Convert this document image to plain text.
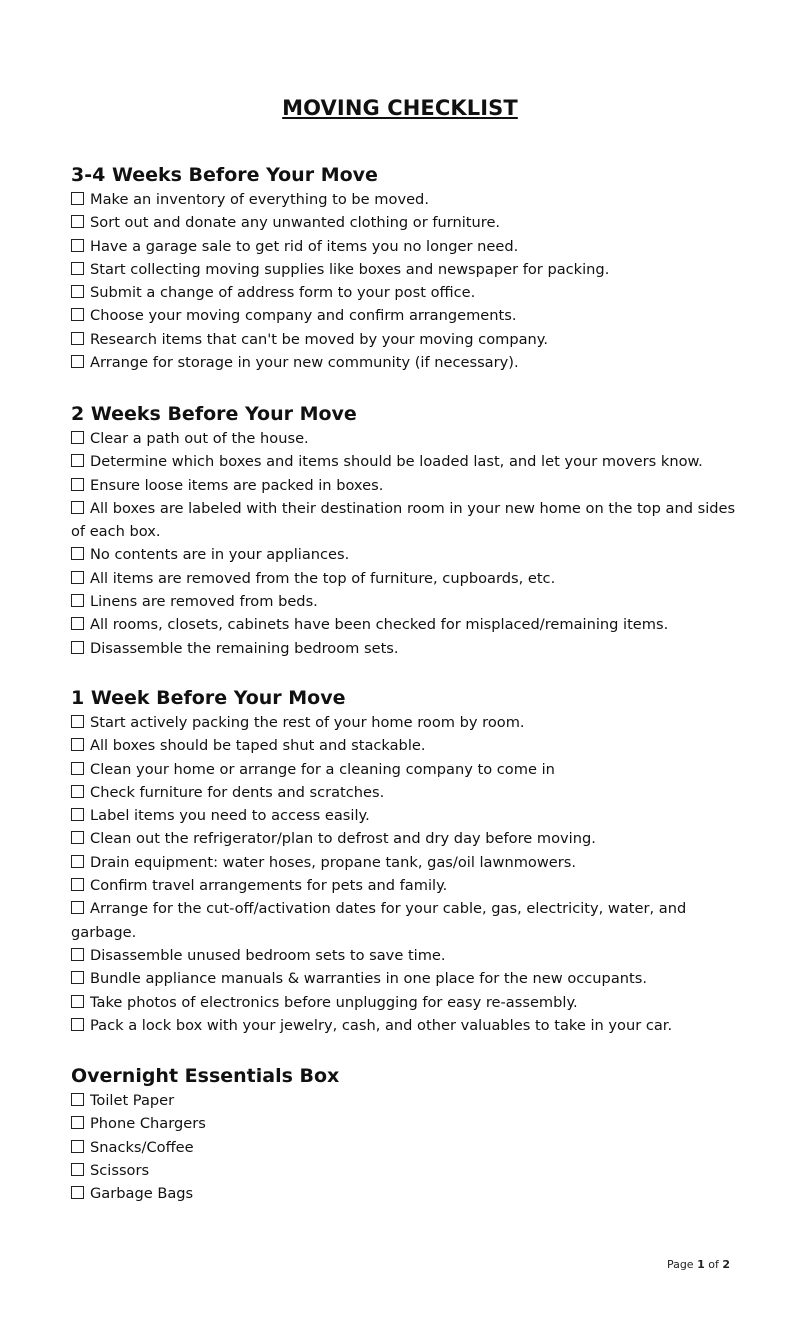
MOVING CHECKLIST
3-4 Weeks Before Your Move
Make an inventory of everything to be moved.
Sort out and donate any unwanted clothing or furniture.
Have a garage sale to get rid of items you no longer need.
Start collecting moving supplies like boxes and newspaper for packing.
Submit a change of address form to your post office.
Choose your moving company and confirm arrangements.
Research items that can't be moved by your moving company.
Arrange for storage in your new community (if necessary).
2 Weeks Before Your Move
Clear a path out of the house.
Determine which boxes and items should be loaded last, and let your movers know.
Ensure loose items are packed in boxes.
All boxes are labeled with their destination room in your new home on the top and sides of each box.
No contents are in your appliances.
All items are removed from the top of furniture, cupboards, etc.
Linens are removed from beds.
All rooms, closets, cabinets have been checked for misplaced/remaining items.
Disassemble the remaining bedroom sets.
1 Week Before Your Move
Start actively packing the rest of your home room by room.
All boxes should be taped shut and stackable.
Clean your home or arrange for a cleaning company to come in
Check furniture for dents and scratches.
Label items you need to access easily.
Clean out the refrigerator/plan to defrost and dry day before moving.
Drain equipment: water hoses, propane tank, gas/oil lawnmowers.
Confirm travel arrangements for pets and family.
Arrange for the cut-off/activation dates for your cable, gas, electricity, water, and garbage.
Disassemble unused bedroom sets to save time.
Bundle appliance manuals & warranties in one place for the new occupants.
Take photos of electronics before unplugging for easy re-assembly.
Pack a lock box with your jewelry, cash, and other valuables to take in your car.
Overnight Essentials Box
Toilet Paper
Phone Chargers
Snacks/Coffee
Scissors
Garbage Bags
Page 1 of 2
